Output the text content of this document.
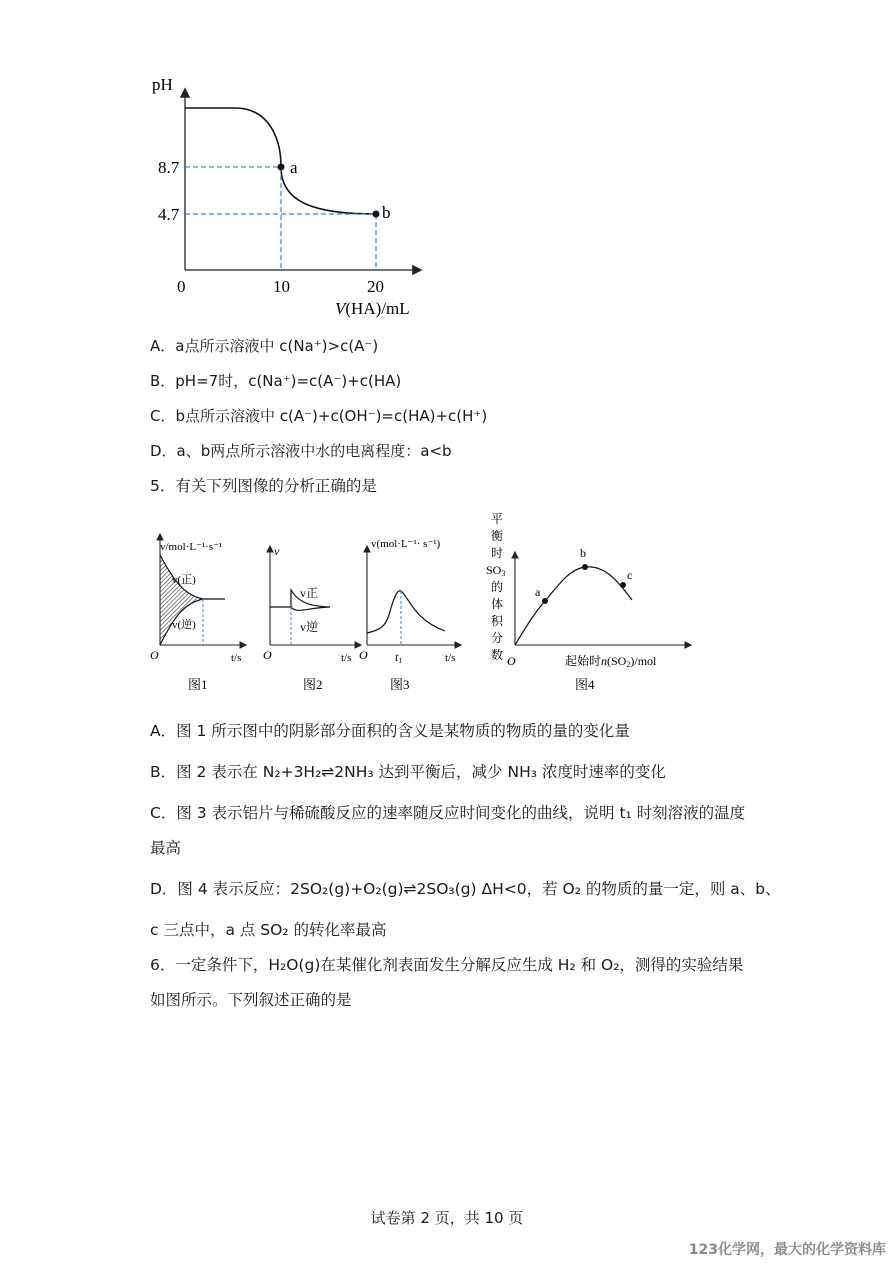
pH
8.7
4.7
0	10	20
V(HA)/mL
a
b
A．a点所示溶液中 c(Na⁺)>c(A⁻)
B．pH=7时，c(Na⁺)=c(A⁻)+c(HA)
C．b点所示溶液中 c(A⁻)+c(OH⁻)=c(HA)+c(H⁺)
D．a、b两点所示溶液中水的电离程度：a<b
5．有关下列图像的分析正确的是
v/mol·L⁻¹·s⁻¹
v(正)
v(逆)
O	t/s
图1
v
v正
v逆
O	t/s
图2
v(mol·L⁻¹· s⁻¹)
O t1	t/s
图3
a
b
c
平
衡
时
SO3
的
体
积
分
数 O	起始时n(SO2)/mol
图4
A．图 1 所示图中的阴影部分面积的含义是某物质的物质的量的变化量
B．图 2 表示在 N₂+3H₂⇌2NH₃ 达到平衡后，减少 NH₃ 浓度时速率的变化
C．图 3 表示铝片与稀硫酸反应的速率随反应时间变化的曲线，说明 t₁ 时刻溶液的温度
最高
D．图 4 表示反应：2SO₂(g)+O₂(g)⇌2SO₃(g) ΔH<0，若 O₂ 的物质的量一定，则 a、b、
c 三点中，a 点 SO₂ 的转化率最高
6．一定条件下，H₂O(g)在某催化剂表面发生分解反应生成 H₂ 和 O₂，测得的实验结果
如图所示。下列叙述正确的是
试卷第 2 页，共 10 页
123化学网，最大的化学资料库
